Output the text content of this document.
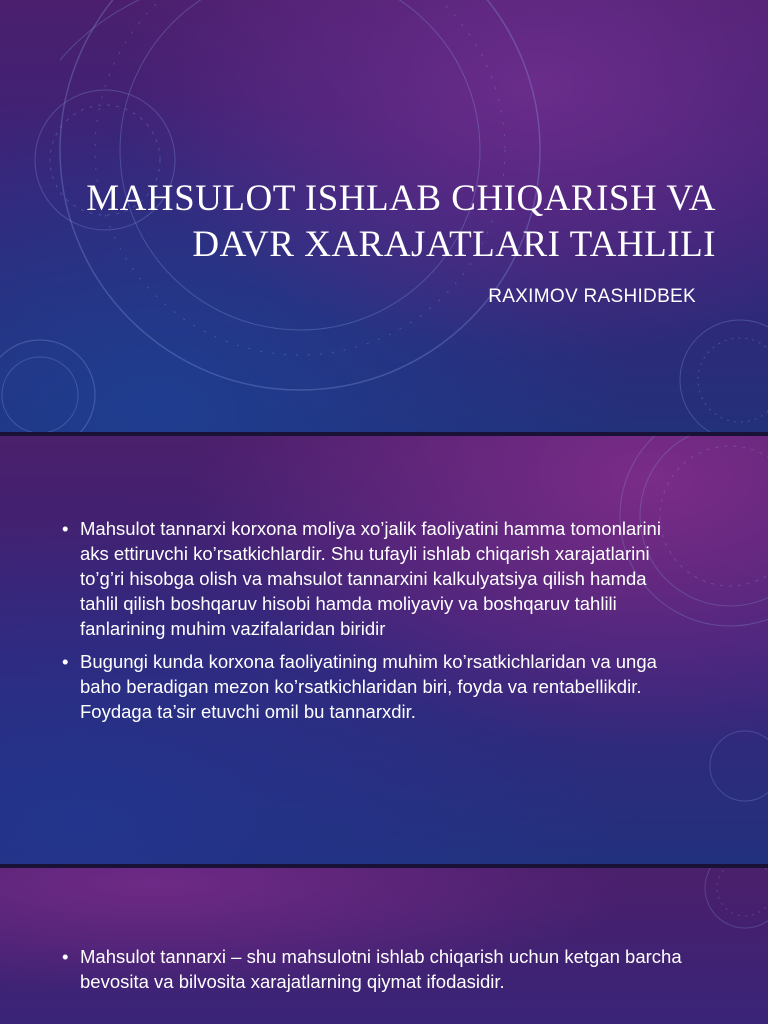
MAHSULOT ISHLAB CHIQARISH VA DAVR XARAJATLARI TAHLILI
RAXIMOV RASHIDBEK
• Mahsulot tannarxi korxona moliya xo’jalik faoliyatini hamma tomonlarini aks ettiruvchi ko’rsatkichlardir. Shu tufayli ishlab chiqarish xarajatlarini to’g’ri hisobga olish va mahsulot tannarxini kalkulyatsiya qilish hamda tahlil qilish boshqaruv hisobi hamda moliyaviy va boshqaruv tahlili fanlarining muhim vazifalaridan biridir
• Bugungi kunda korxona faoliyatining muhim ko’rsatkichlaridan va unga baho beradigan mezon ko’rsatkichlaridan biri, foyda va rentabellikdir. Foydaga ta’sir etuvchi omil bu tannarxdir.
• Mahsulot tannarxi – shu mahsulotni ishlab chiqarish uchun ketgan barcha bevosita va bilvosita xarajatlarning qiymat ifodasidir.
